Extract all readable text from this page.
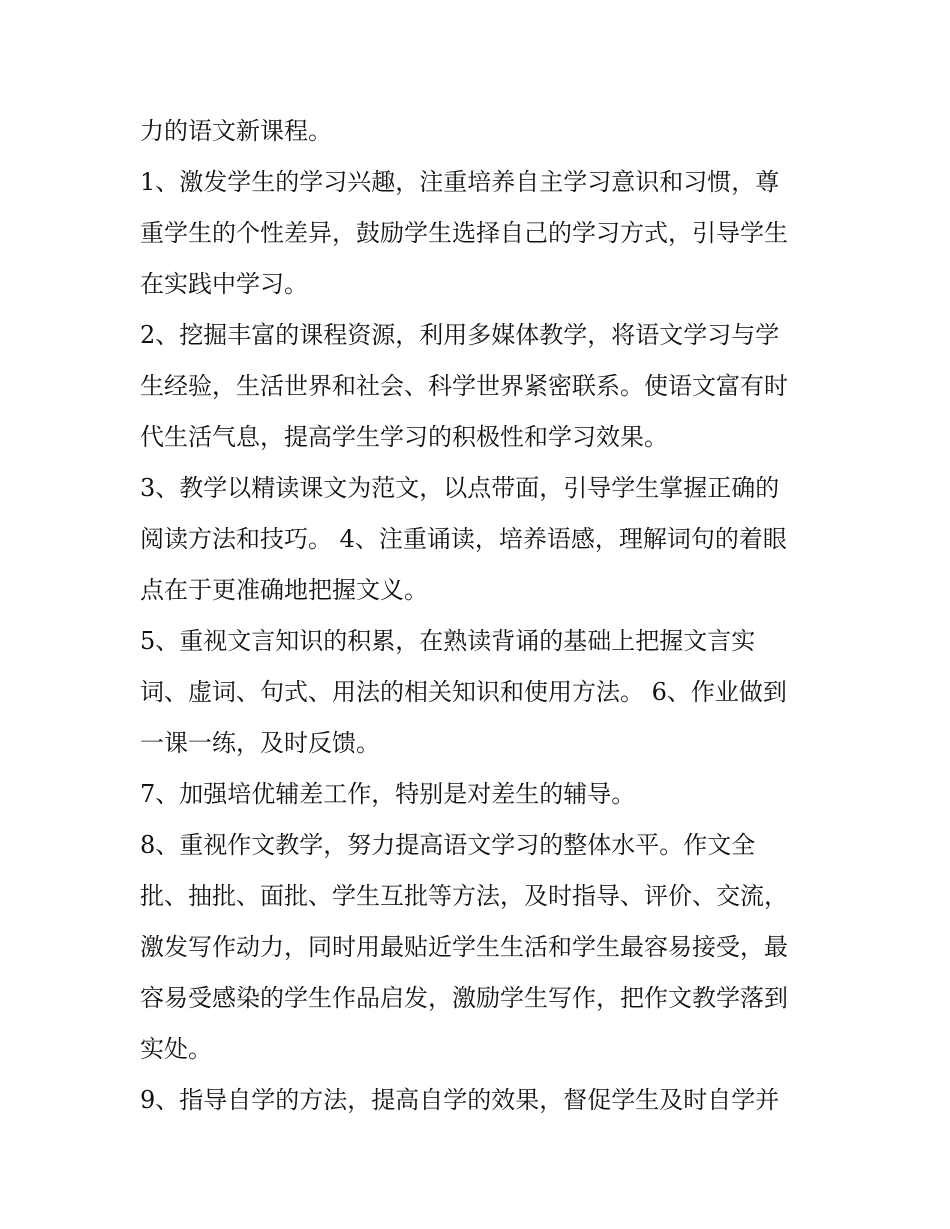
力的语文新课程。
1、激发学生的学习兴趣，注重培养自主学习意识和习惯，尊
重学生的个性差异，鼓励学生选择自己的学习方式，引导学生
在实践中学习。
2、挖掘丰富的课程资源，利用多媒体教学，将语文学习与学
生经验，生活世界和社会、科学世界紧密联系。使语文富有时
代生活气息，提高学生学习的积极性和学习效果。
3、教学以精读课文为范文，以点带面，引导学生掌握正确的
阅读方法和技巧。 4、注重诵读，培养语感，理解词句的着眼
点在于更准确地把握文义。
5、重视文言知识的积累，在熟读背诵的基础上把握文言实
词、虚词、句式、用法的相关知识和使用方法。 6、作业做到
一课一练，及时反馈。
7、加强培优辅差工作，特别是对差生的辅导。
8、重视作文教学，努力提高语文学习的整体水平。作文全
批、抽批、面批、学生互批等方法，及时指导、评价、交流，
激发写作动力，同时用最贴近学生生活和学生最容易接受，最
容易受感染的学生作品启发，激励学生写作，把作文教学落到
实处。
9、指导自学的方法，提高自学的效果，督促学生及时自学并
